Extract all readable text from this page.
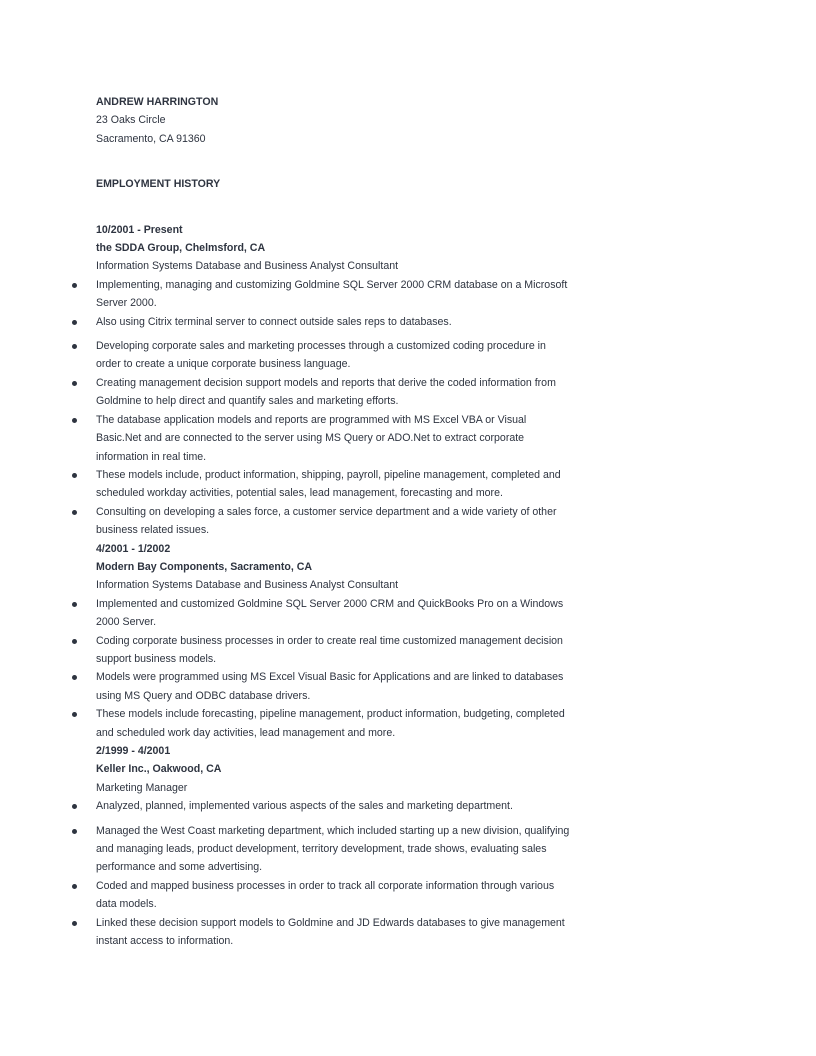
ANDREW HARRINGTON
23 Oaks Circle
Sacramento, CA 91360
EMPLOYMENT HISTORY
10/2001 - Present
the SDDA Group, Chelmsford, CA
Information Systems Database and Business Analyst Consultant
Implementing, managing and customizing Goldmine SQL Server 2000 CRM database on a Microsoft
Server 2000.
Also using Citrix terminal server to connect outside sales reps to databases.
Developing corporate sales and marketing processes through a customized coding procedure in
order to create a unique corporate business language.
Creating management decision support models and reports that derive the coded information from
Goldmine to help direct and quantify sales and marketing efforts.
The database application models and reports are programmed with MS Excel VBA or Visual
Basic.Net and are connected to the server using MS Query or ADO.Net to extract corporate
information in real time.
These models include, product information, shipping, payroll, pipeline management, completed and
scheduled workday activities, potential sales, lead management, forecasting and more.
Consulting on developing a sales force, a customer service department and a wide variety of other
business related issues.
4/2001 - 1/2002
Modern Bay Components, Sacramento, CA
Information Systems Database and Business Analyst Consultant
Implemented and customized Goldmine SQL Server 2000 CRM and QuickBooks Pro on a Windows
2000 Server.
Coding corporate business processes in order to create real time customized management decision
support business models.
Models were programmed using MS Excel Visual Basic for Applications and are linked to databases
using MS Query and ODBC database drivers.
These models include forecasting, pipeline management, product information, budgeting, completed
and scheduled work day activities, lead management and more.
2/1999 - 4/2001
Keller Inc., Oakwood, CA
Marketing Manager
Analyzed, planned, implemented various aspects of the sales and marketing department.
Managed the West Coast marketing department, which included starting up a new division, qualifying
and managing leads, product development, territory development, trade shows, evaluating sales
performance and some advertising.
Coded and mapped business processes in order to track all corporate information through various
data models.
Linked these decision support models to Goldmine and JD Edwards databases to give management
instant access to information.
